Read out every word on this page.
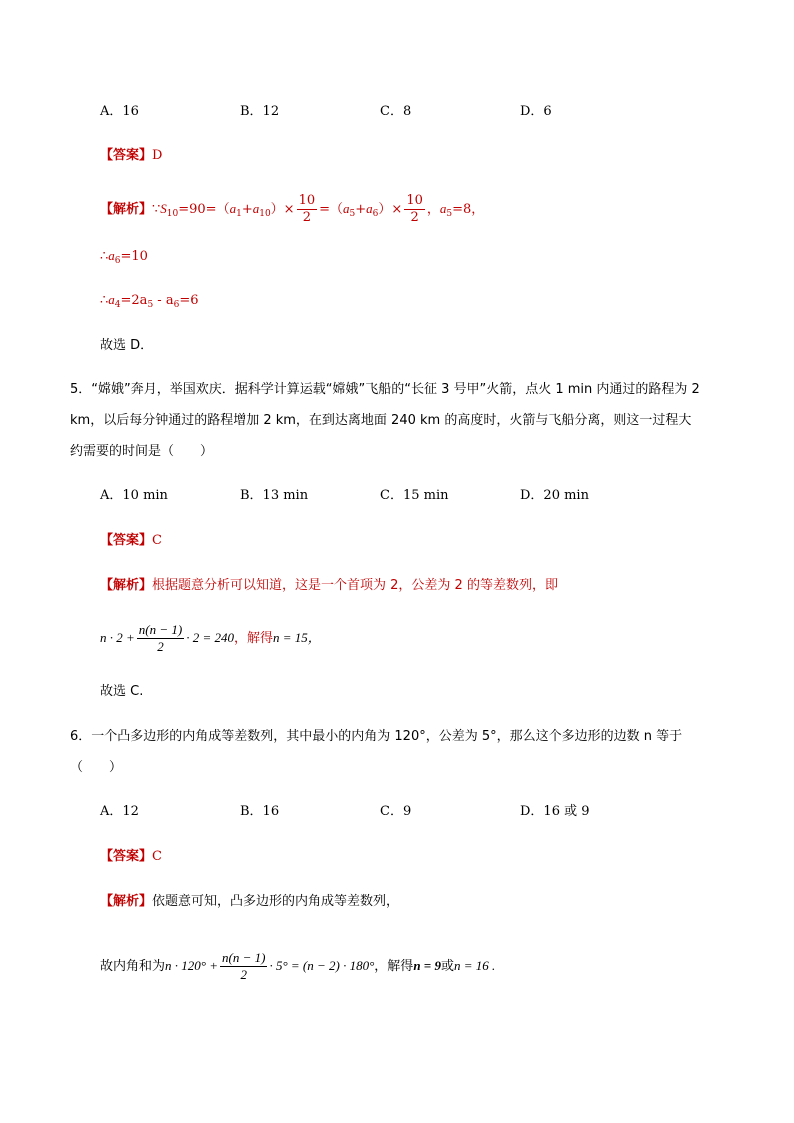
A．16	B．12	C．8	D．6
【答案】D
【解析】$\because S_{10}=90=(a_1+a_{10})\times \frac{10}{2} =(a_5+a_6)\times \frac{10}{2}$ ，$a_5=8$，
$\therefore a_6=10$
$\therefore a_4=2a_5 - a_6=6$
故选 D．
5．“嫦娥”奔月，举国欢庆．据科学计算运载“嫦娥”飞船的“长征 3 号甲”火箭，点火 1 min 内通过的路程为 2
km，以后每分钟通过的路程增加 2 km，在到达离地面 240 km 的高度时，火箭与飞船分离，则这一过程大
约需要的时间是（　　）
A．10 min	B．13 min	C．15 min	D．20 min
【答案】C
【解析】根据题意分析可以知道，这是一个首项为 2，公差为 2 的等差数列，即
$n \cdot 2 + \frac{n(n - 1)}{2} \cdot 2 = 240$，解得n = 15，
故选 C.
6．一个凸多边形的内角成等差数列，其中最小的内角为 120°，公差为 5°，那么这个多边形的边数 n 等于
（　　）
A．12	B．16	C．9	D．16 或 9
【答案】C
【解析】依题意可知，凸多边形的内角成等差数列，
故内角和为$n \cdot 120^\circ + \frac{n(n - 1)}{2} \cdot 5^\circ = (n - 2) \cdot 180^\circ$，解得n = 9或n = 16 .
